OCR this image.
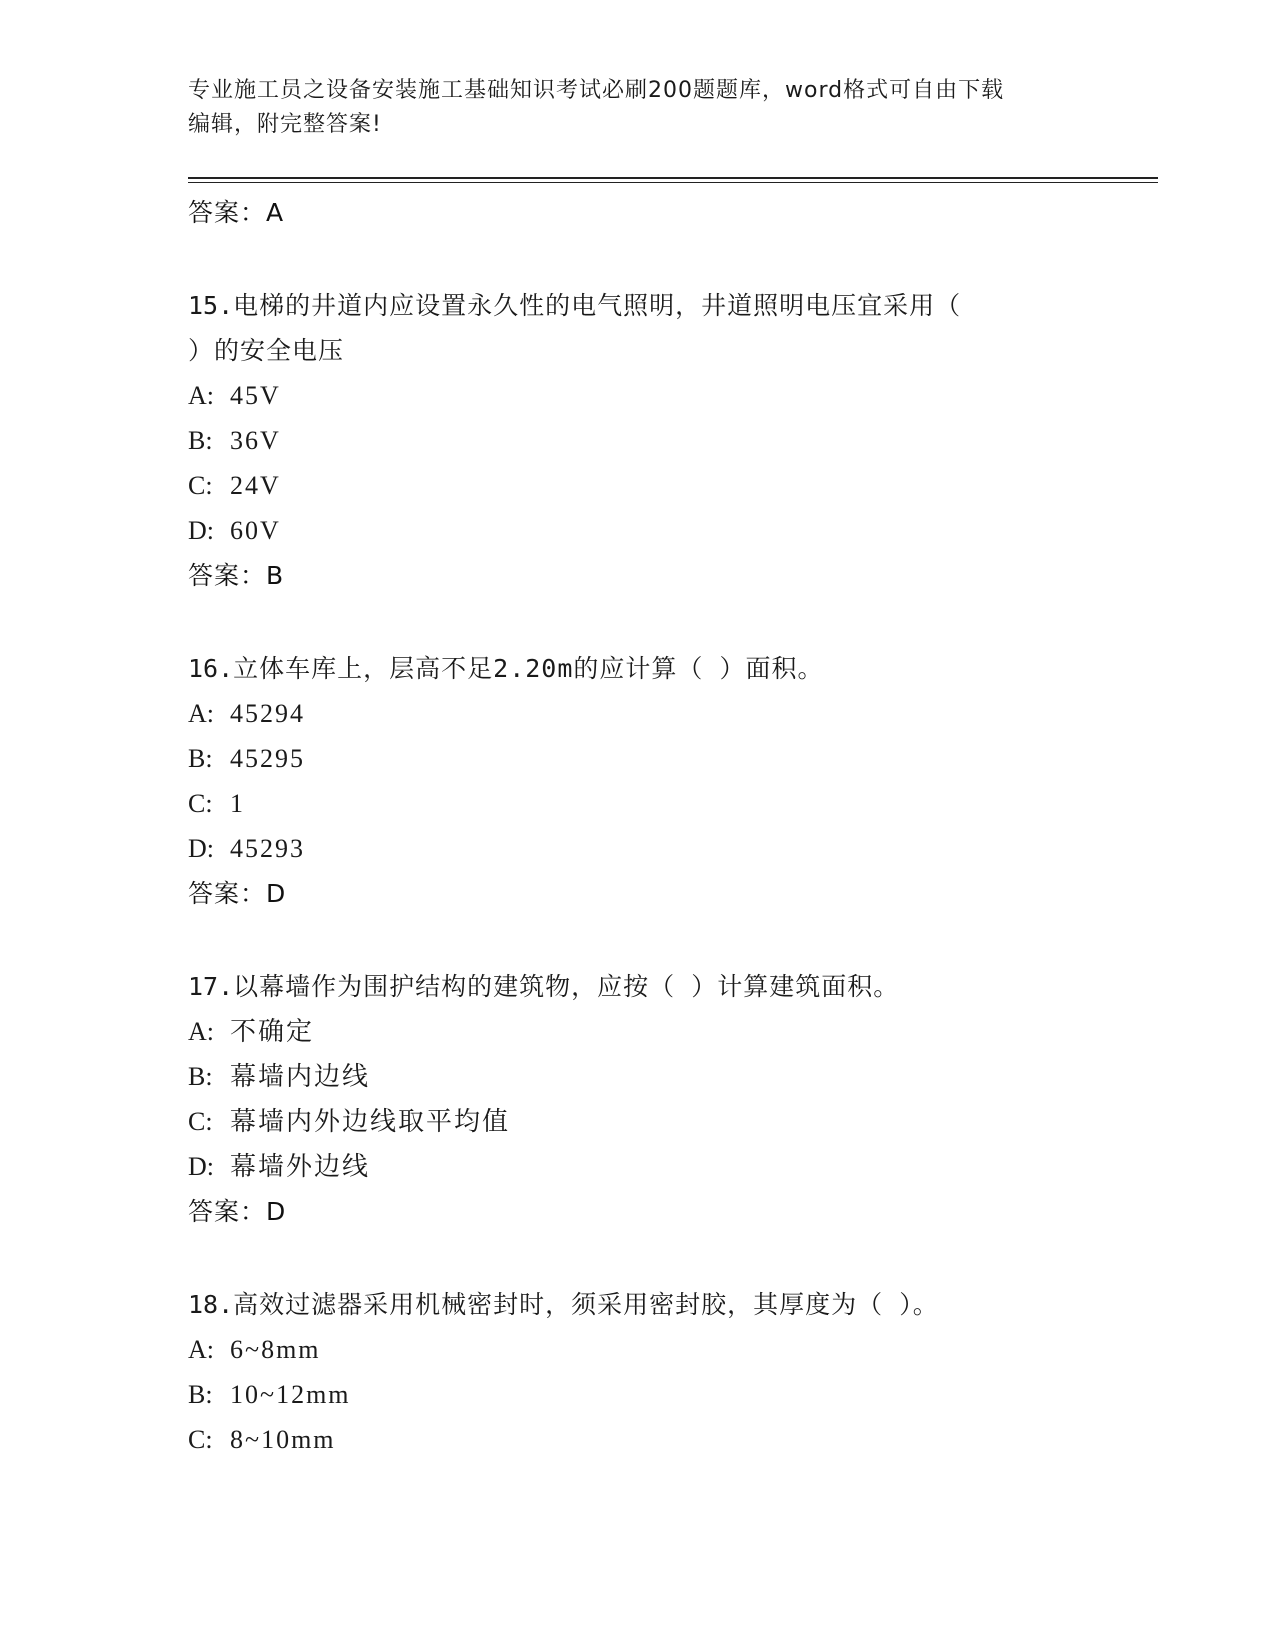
专业施工员之设备安装施工基础知识考试必刷200题题库，word格式可自由下载
编辑，附完整答案!
答案：A
15.电梯的井道内应设置永久性的电气照明，井道照明电压宜采用（
）的安全电压
A: 45V
B: 36V
C: 24V
D: 60V
答案：B
16.立体车库上，层高不足2.20m的应计算（ ）面积。
A: 45294
B: 45295
C: 1
D: 45293
答案：D
17.以幕墙作为围护结构的建筑物，应按（ ）计算建筑面积。
A: 不确定
B: 幕墙内边线
C: 幕墙内外边线取平均值
D: 幕墙外边线
答案：D
18.高效过滤器采用机械密封时，须采用密封胶，其厚度为（ ）。
A: 6~8mm
B: 10~12mm
C: 8~10mm
